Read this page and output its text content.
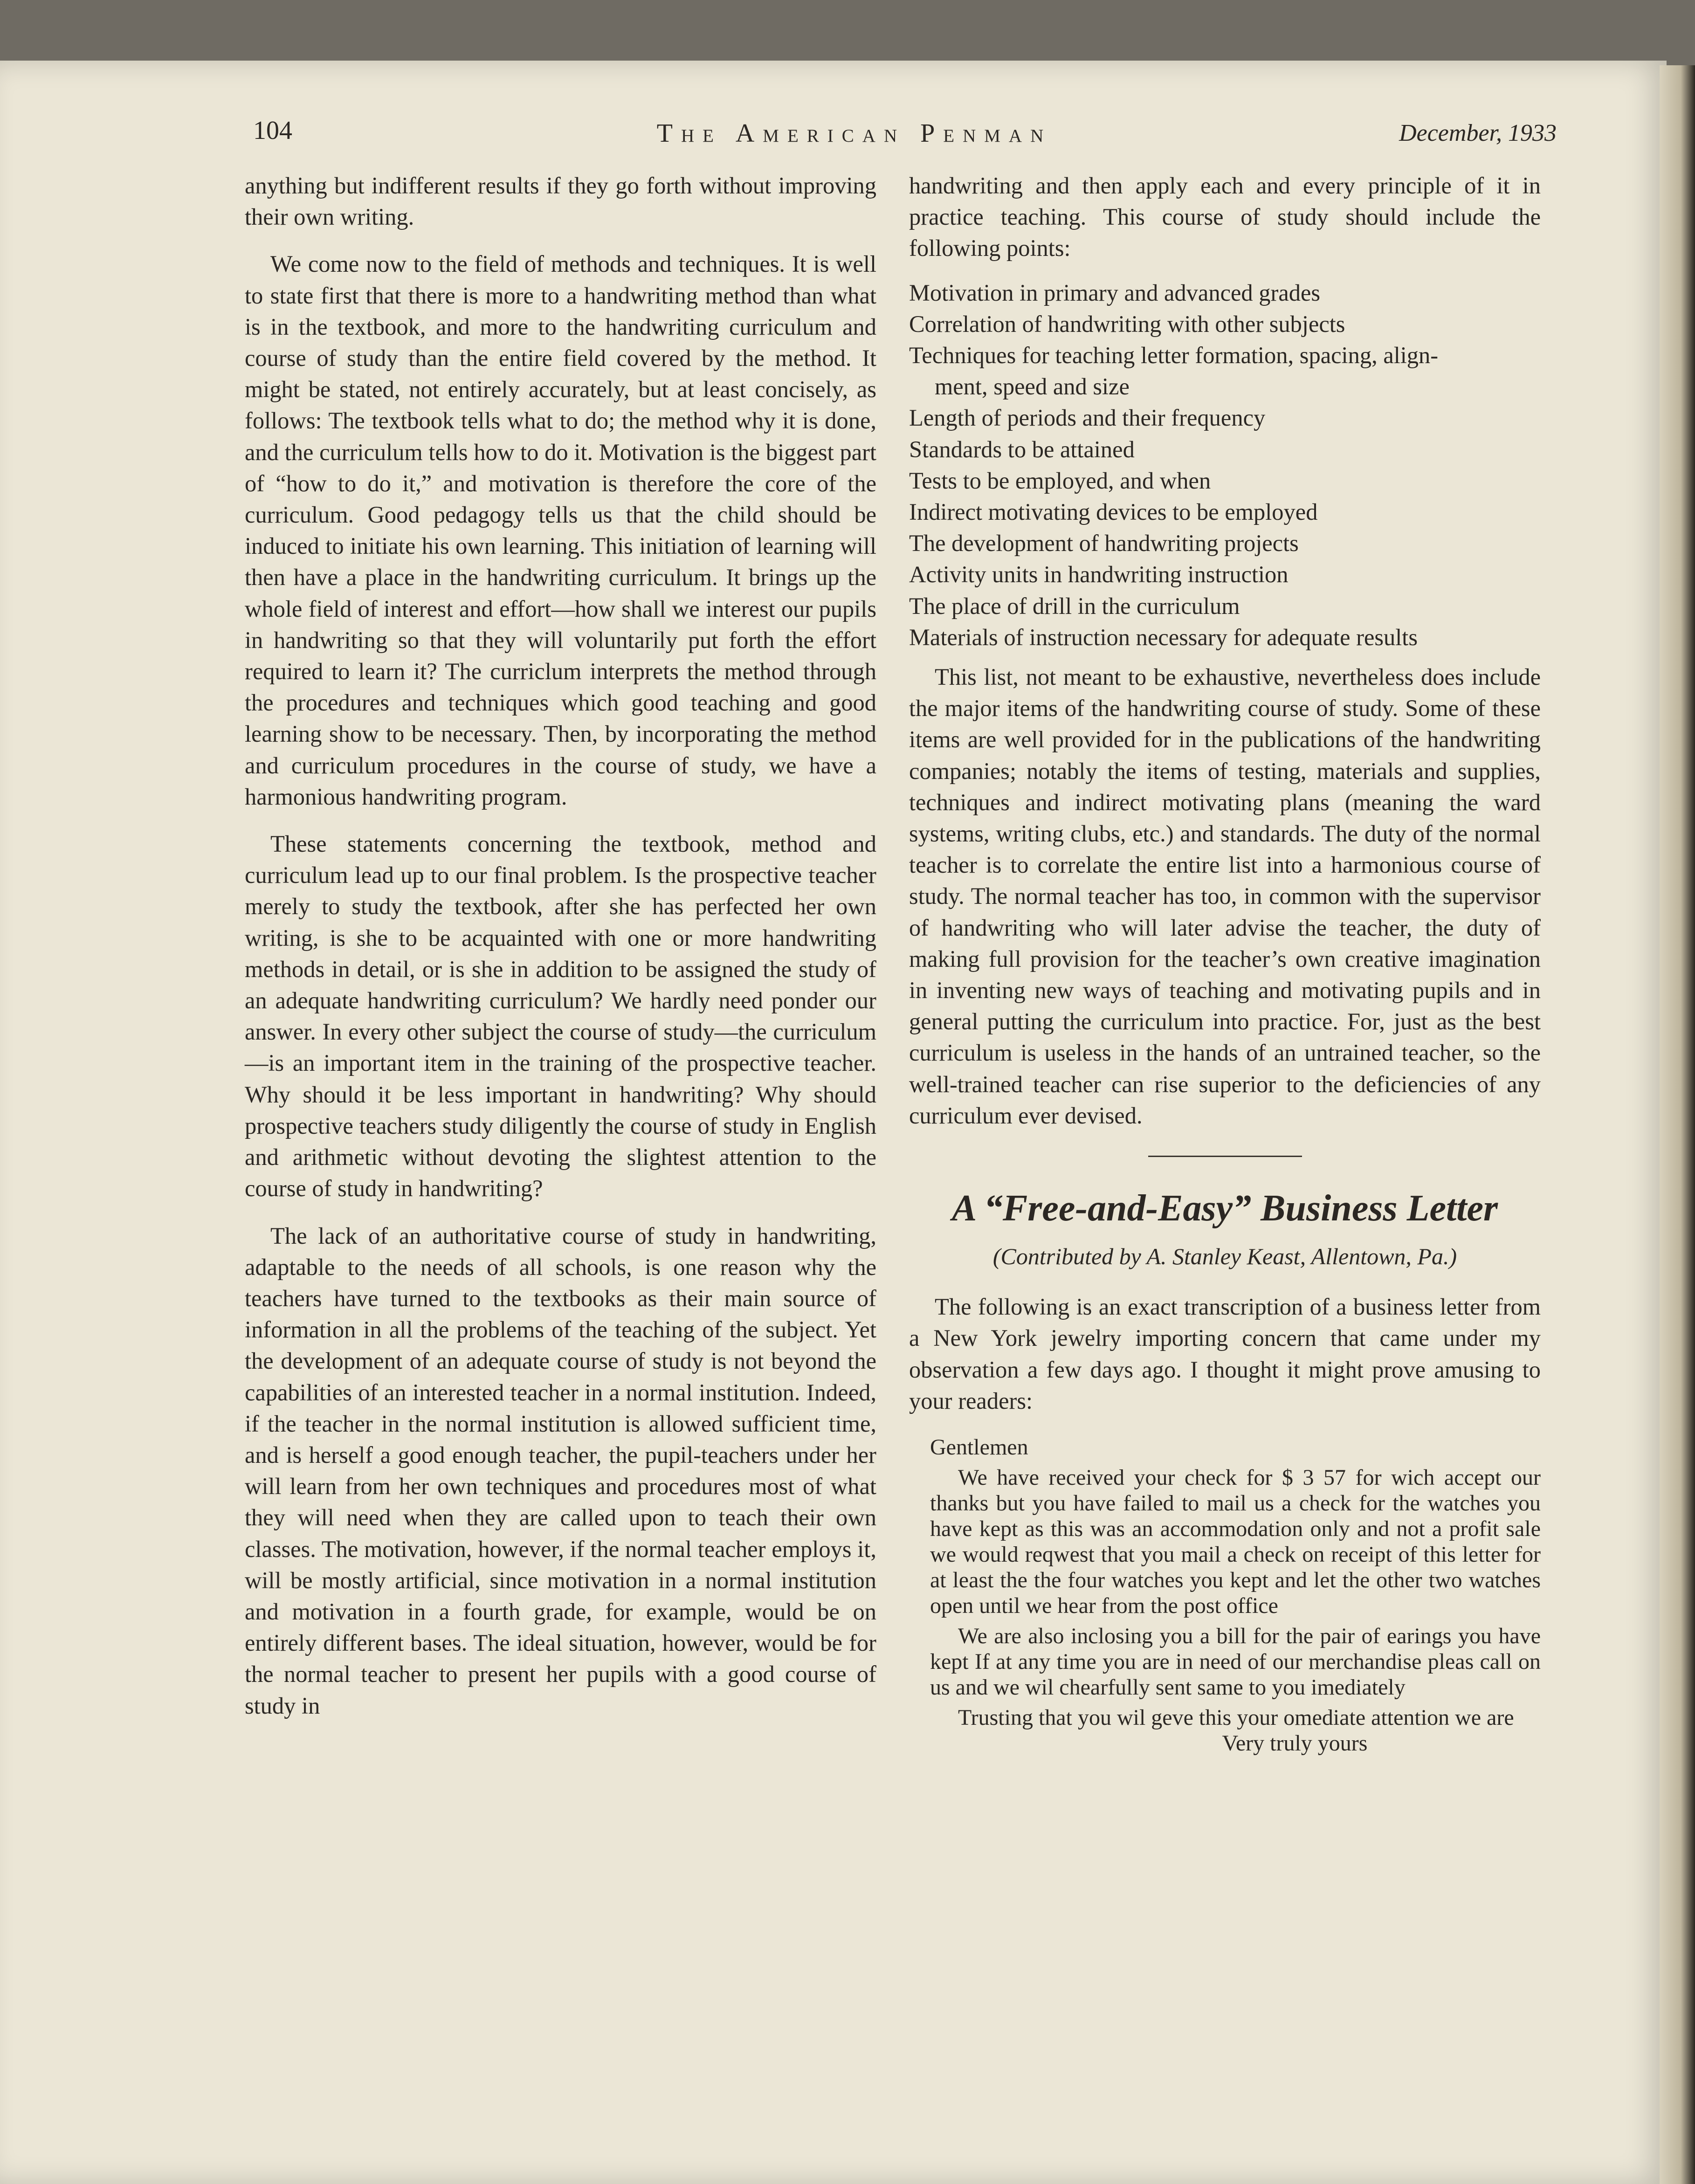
104	The American Penman	December, 1933

anything but indifferent results if they go forth without improving their own writing.

We come now to the field of methods and techniques. It is well to state first that there is more to a handwriting method than what is in the textbook, and more to the handwriting curriculum and course of study than the entire field covered by the method. It might be stated, not entirely accurately, but at least concisely, as follows: The textbook tells what to do; the method why it is done, and the curriculum tells how to do it. Motivation is the biggest part of “how to do it,” and motivation is therefore the core of the curriculum. Good pedagogy tells us that the child should be induced to initiate his own learning. This initiation of learning will then have a place in the handwriting curriculum. It brings up the whole field of interest and effort—how shall we interest our pupils in handwriting so that they will voluntarily put forth the effort required to learn it? The curriclum interprets the method through the procedures and techniques which good teaching and good learning show to be necessary. Then, by incorporating the method and curriculum procedures in the course of study, we have a harmonious handwriting program.

These statements concerning the textbook, method and curriculum lead up to our final problem. Is the prospective teacher merely to study the textbook, after she has perfected her own writing, is she to be acquainted with one or more handwriting methods in detail, or is she in addition to be assigned the study of an adequate handwriting curriculum? We hardly need ponder our answer. In every other subject the course of study—the curriculum—is an important item in the training of the prospective teacher. Why should it be less important in handwriting? Why should prospective teachers study diligently the course of study in English and arithmetic without devoting the slightest attention to the course of study in handwriting?

The lack of an authoritative course of study in handwriting, adaptable to the needs of all schools, is one reason why the teachers have turned to the textbooks as their main source of information in all the problems of the teaching of the subject. Yet the development of an adequate course of study is not beyond the capabilities of an interested teacher in a normal institution. Indeed, if the teacher in the normal institution is allowed sufficient time, and is herself a good enough teacher, the pupil-teachers under her will learn from her own techniques and procedures most of what they will need when they are called upon to teach their own classes. The motivation, however, if the normal teacher employs it, will be mostly artificial, since motivation in a normal institution and motivation in a fourth grade, for example, would be on entirely different bases. The ideal situation, however, would be for the normal teacher to present her pupils with a good course of study in

handwriting and then apply each and every principle of it in practice teaching. This course of study should include the following points:

Motivation in primary and advanced grades
Correlation of handwriting with other subjects
Techniques for teaching letter formation, spacing, align-
ment, speed and size
Length of periods and their frequency
Standards to be attained
Tests to be employed, and when
Indirect motivating devices to be employed
The development of handwriting projects
Activity units in handwriting instruction
The place of drill in the curriculum
Materials of instruction necessary for adequate results

This list, not meant to be exhaustive, nevertheless does include the major items of the handwriting course of study. Some of these items are well provided for in the publications of the handwriting companies; notably the items of testing, materials and supplies, techniques and indirect motivating plans (meaning the ward systems, writing clubs, etc.) and standards. The duty of the normal teacher is to correlate the entire list into a harmonious course of study. The normal teacher has too, in common with the supervisor of handwriting who will later advise the teacher, the duty of making full provision for the teacher’s own creative imagination in inventing new ways of teaching and motivating pupils and in general putting the curriculum into practice. For, just as the best curriculum is useless in the hands of an untrained teacher, so the well-trained teacher can rise superior to the deficiencies of any curriculum ever devised.

A “Free-and-Easy” Business Letter
(Contributed by A. Stanley Keast, Allentown, Pa.)

The following is an exact transcription of a business letter from a New York jewelry importing concern that came under my observation a few days ago. I thought it might prove amusing to your readers:

Gentlemen

We have received your check for $ 3 57 for wich accept our thanks but you have failed to mail us a check for the watches you have kept as this was an accommodation only and not a profit sale we would reqwest that you mail a check on receipt of this letter for at least the the four watches you kept and let the other two watches open until we hear from the post office

We are also inclosing you a bill for the pair of earings you have kept If at any time you are in need of our merchandise pleas call on us and we wil chearfully sent same to you imediately

Trusting that you wil geve this your omediate attention we are

Very truly yours
